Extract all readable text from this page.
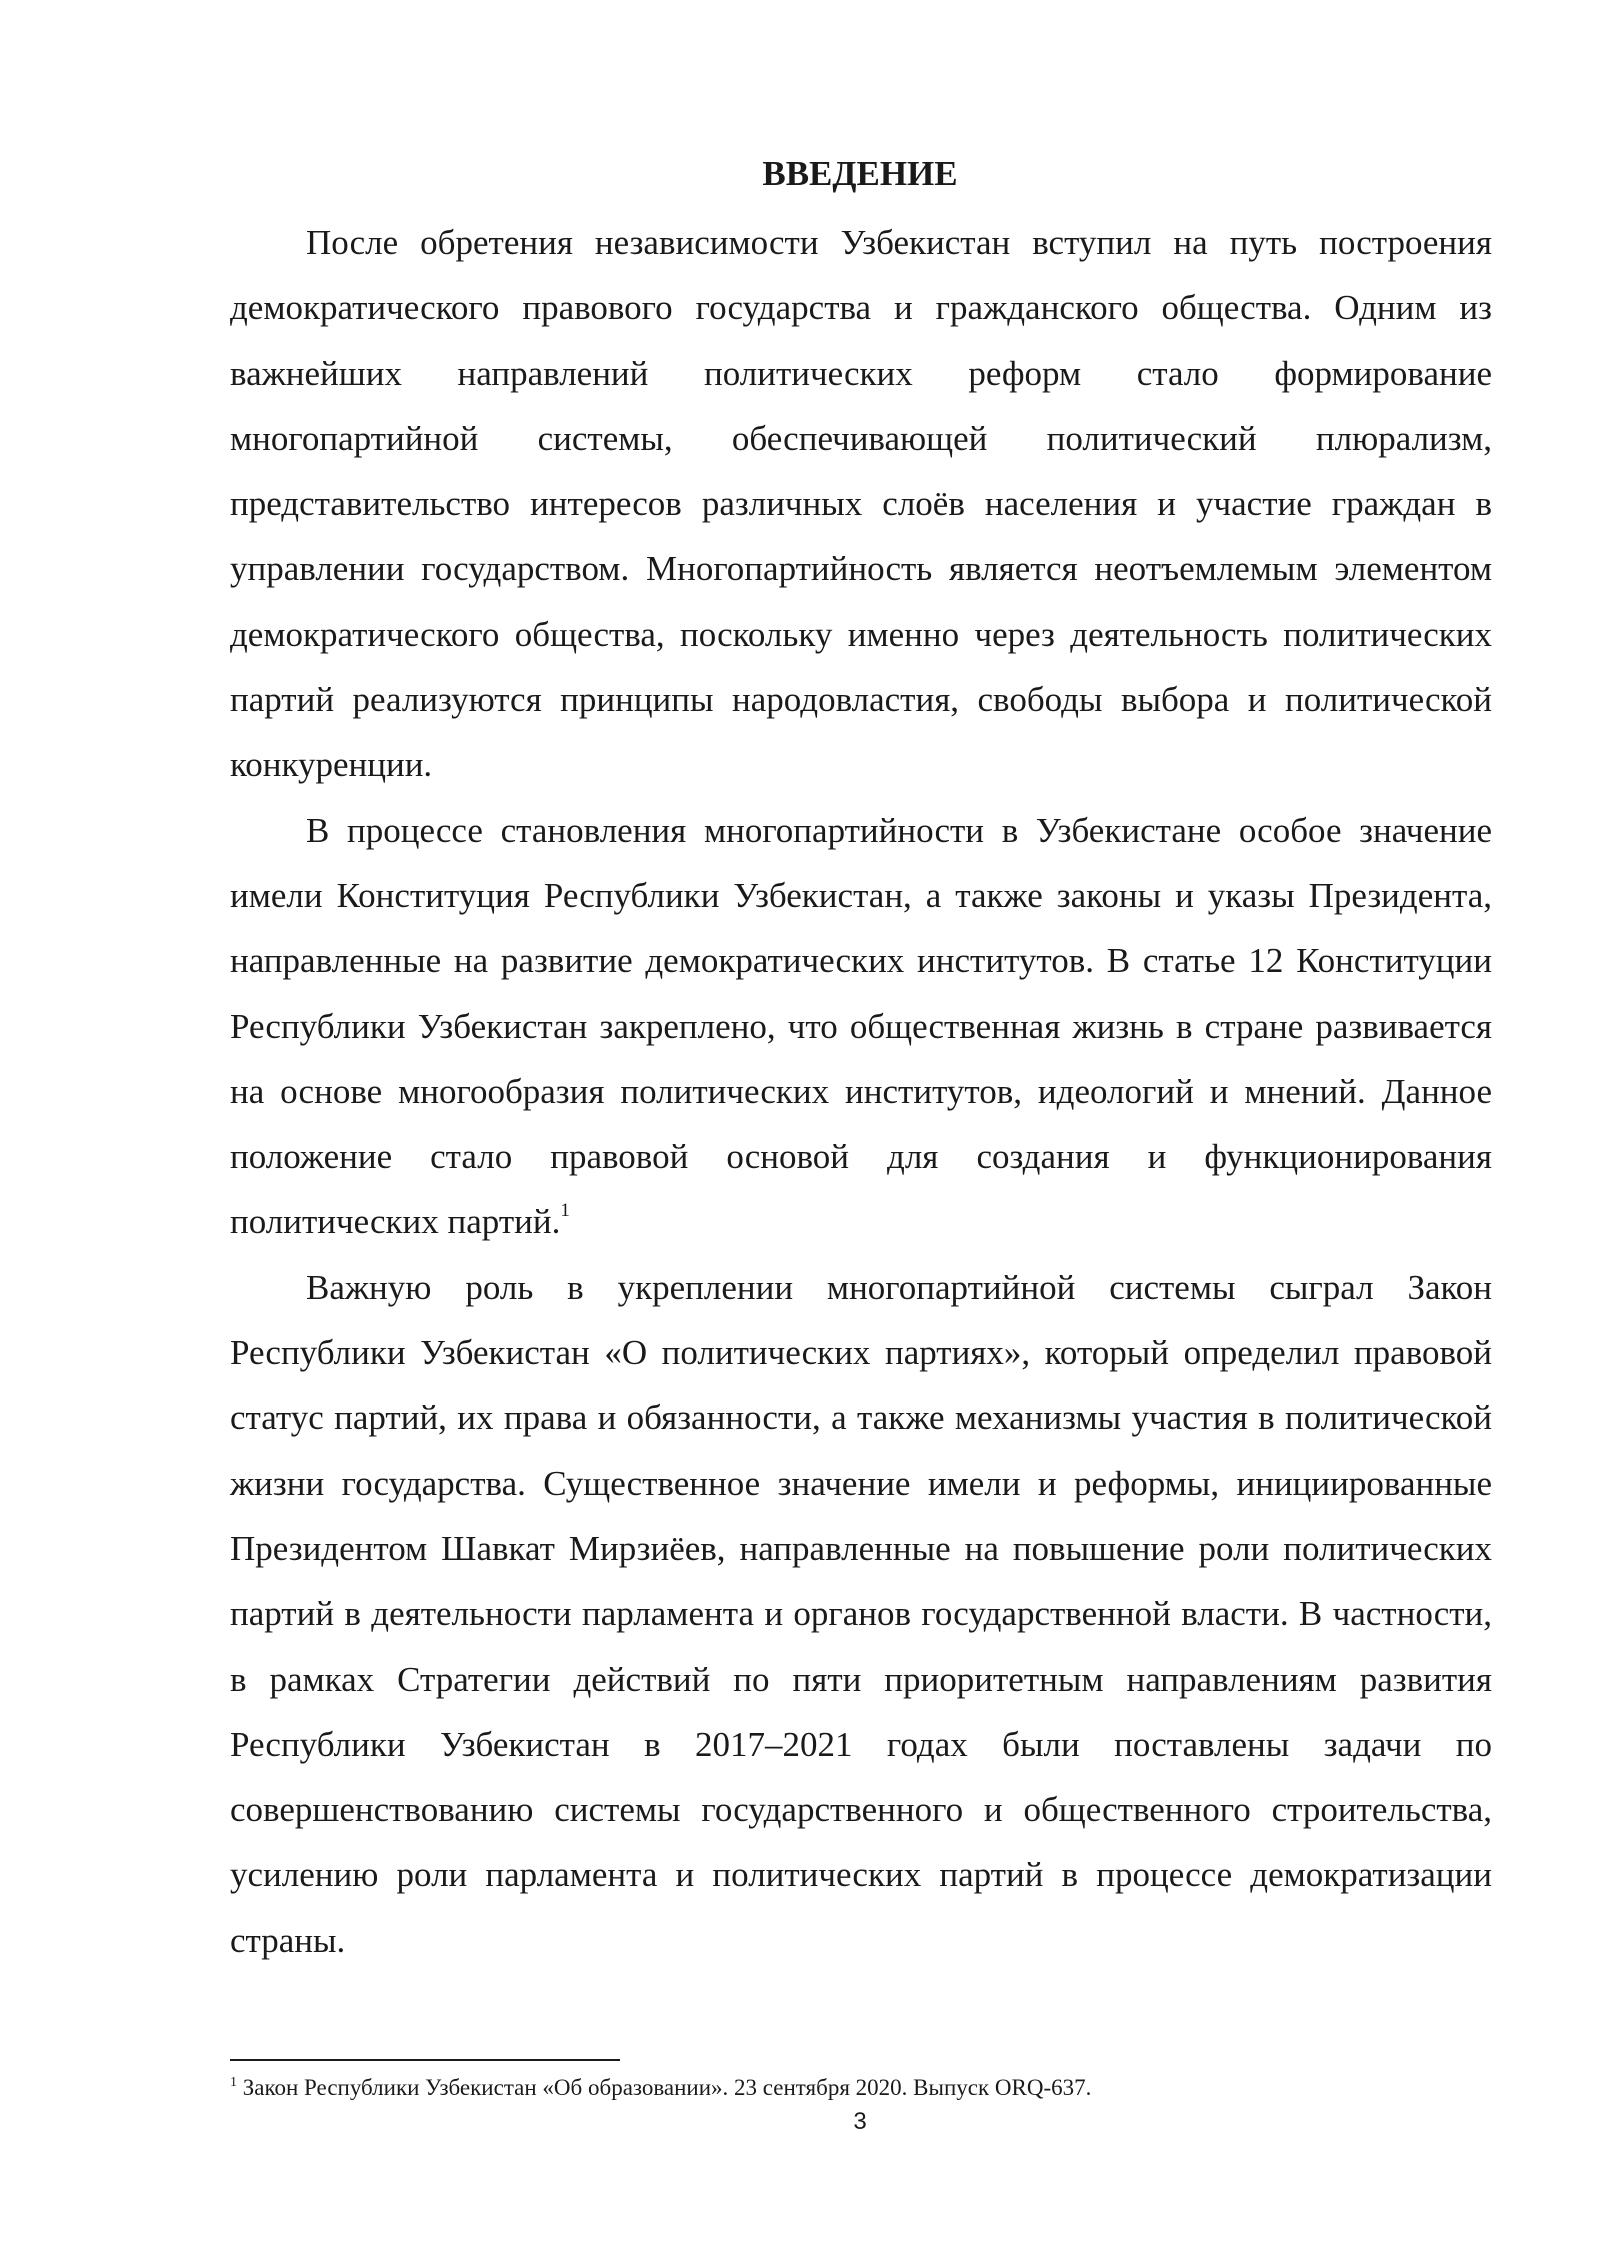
ВВЕДЕНИЕ

После обретения независимости Узбекистан вступил на путь построения демократического правового государства и гражданского общества. Одним из важнейших направлений политических реформ стало формирование многопартийной системы, обеспечивающей политический плюрализм, представительство интересов различных слоёв населения и участие граждан в управлении государством. Многопартийность является неотъемлемым элементом демократического общества, поскольку именно через деятельность политических партий реализуются принципы народовластия, свободы выбора и политической конкуренции.

В процессе становления многопартийности в Узбекистане особое значение имели Конституция Республики Узбекистан, а также законы и указы Президента, направленные на развитие демократических институтов. В статье 12 Конституции Республики Узбекистан закреплено, что общественная жизнь в стране развивается на основе многообразия политических институтов, идеологий и мнений. Данное положение стало правовой основой для создания и функционирования политических партий.$^1$

Важную роль в укреплении многопартийной системы сыграл Закон Республики Узбекистан «О политических партиях», который определил правовой статус партий, их права и обязанности, а также механизмы участия в политической жизни государства. Существенное значение имели и реформы, инициированные Президентом Шавкат Мирзиёев, направленные на повышение роли политических партий в деятельности парламента и органов государственной власти. В частности, в рамках Стратегии действий по пяти приоритетным направлениям развития Республики Узбекистан в 2017–2021 годах были поставлены задачи по совершенствованию системы государственного и общественного строительства, усилению роли парламента и политических партий в процессе демократизации страны.

$^1$ Закон Республики Узбекистан «Об образовании». 23 сентября 2020. Выпуск ORQ-637.

3
